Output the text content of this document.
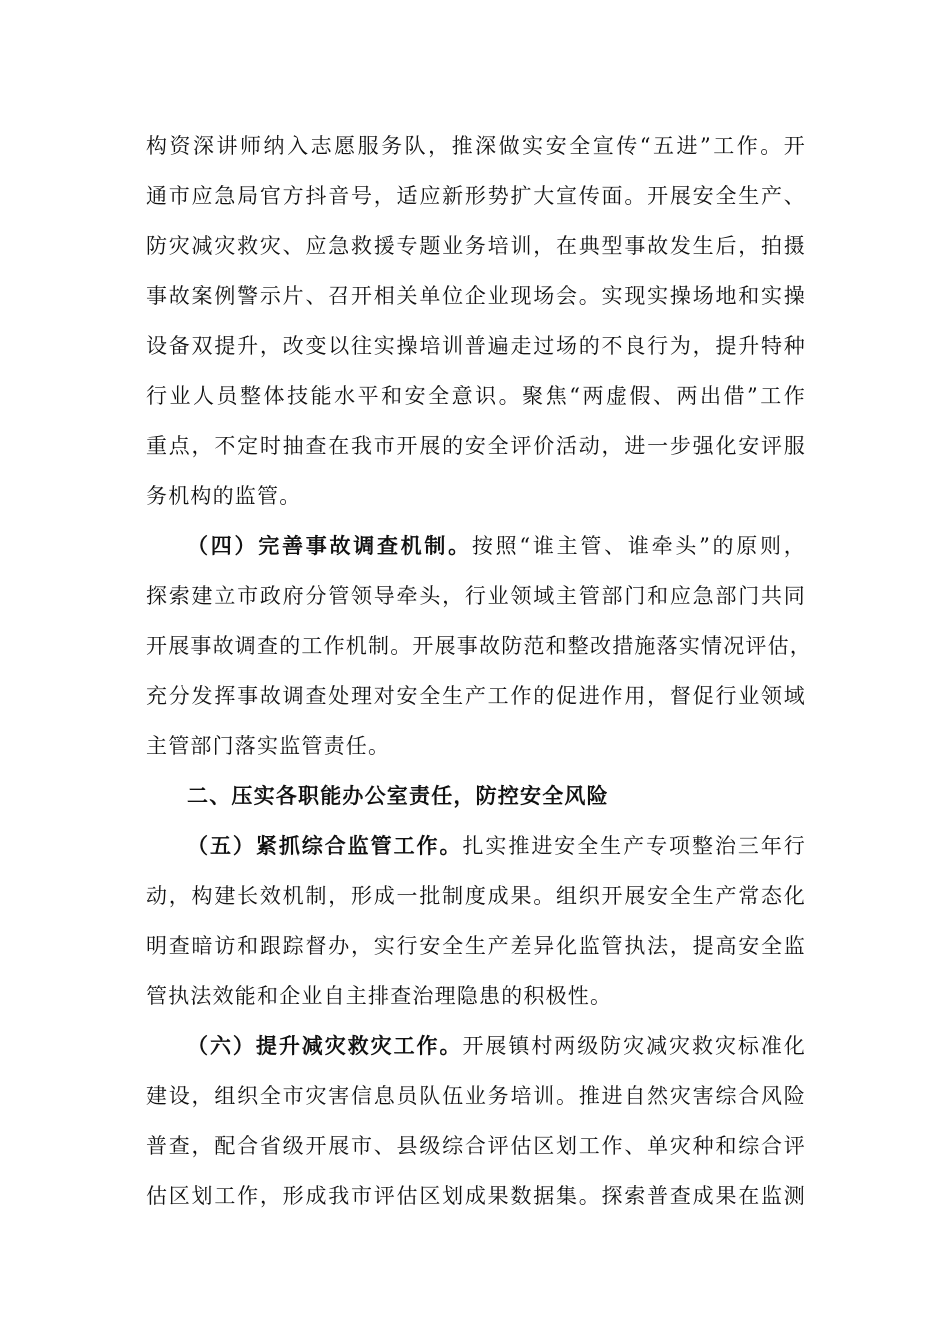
构资深讲师纳入志愿服务队，推深做实安全宣传“五进”工作。开
通市应急局官方抖音号，适应新形势扩大宣传面。开展安全生产、
防灾减灾救灾、应急救援专题业务培训，在典型事故发生后，拍摄
事故案例警示片、召开相关单位企业现场会。实现实操场地和实操
设备双提升，改变以往实操培训普遍走过场的不良行为，提升特种
行业人员整体技能水平和安全意识。聚焦“两虚假、两出借”工作
重点，不定时抽查在我市开展的安全评价活动，进一步强化安评服
务机构的监管。
（四）完善事故调查机制。按照“谁主管、谁牵头”的原则，
探索建立市政府分管领导牵头，行业领域主管部门和应急部门共同
开展事故调查的工作机制。开展事故防范和整改措施落实情况评估，
充分发挥事故调查处理对安全生产工作的促进作用，督促行业领域
主管部门落实监管责任。
二、压实各职能办公室责任，防控安全风险
（五）紧抓综合监管工作。扎实推进安全生产专项整治三年行
动，构建长效机制，形成一批制度成果。组织开展安全生产常态化
明查暗访和跟踪督办，实行安全生产差异化监管执法，提高安全监
管执法效能和企业自主排查治理隐患的积极性。
（六）提升减灾救灾工作。开展镇村两级防灾减灾救灾标准化
建设，组织全市灾害信息员队伍业务培训。推进自然灾害综合风险
普查，配合省级开展市、县级综合评估区划工作、单灾种和综合评
估区划工作，形成我市评估区划成果数据集。探索普查成果在监测
